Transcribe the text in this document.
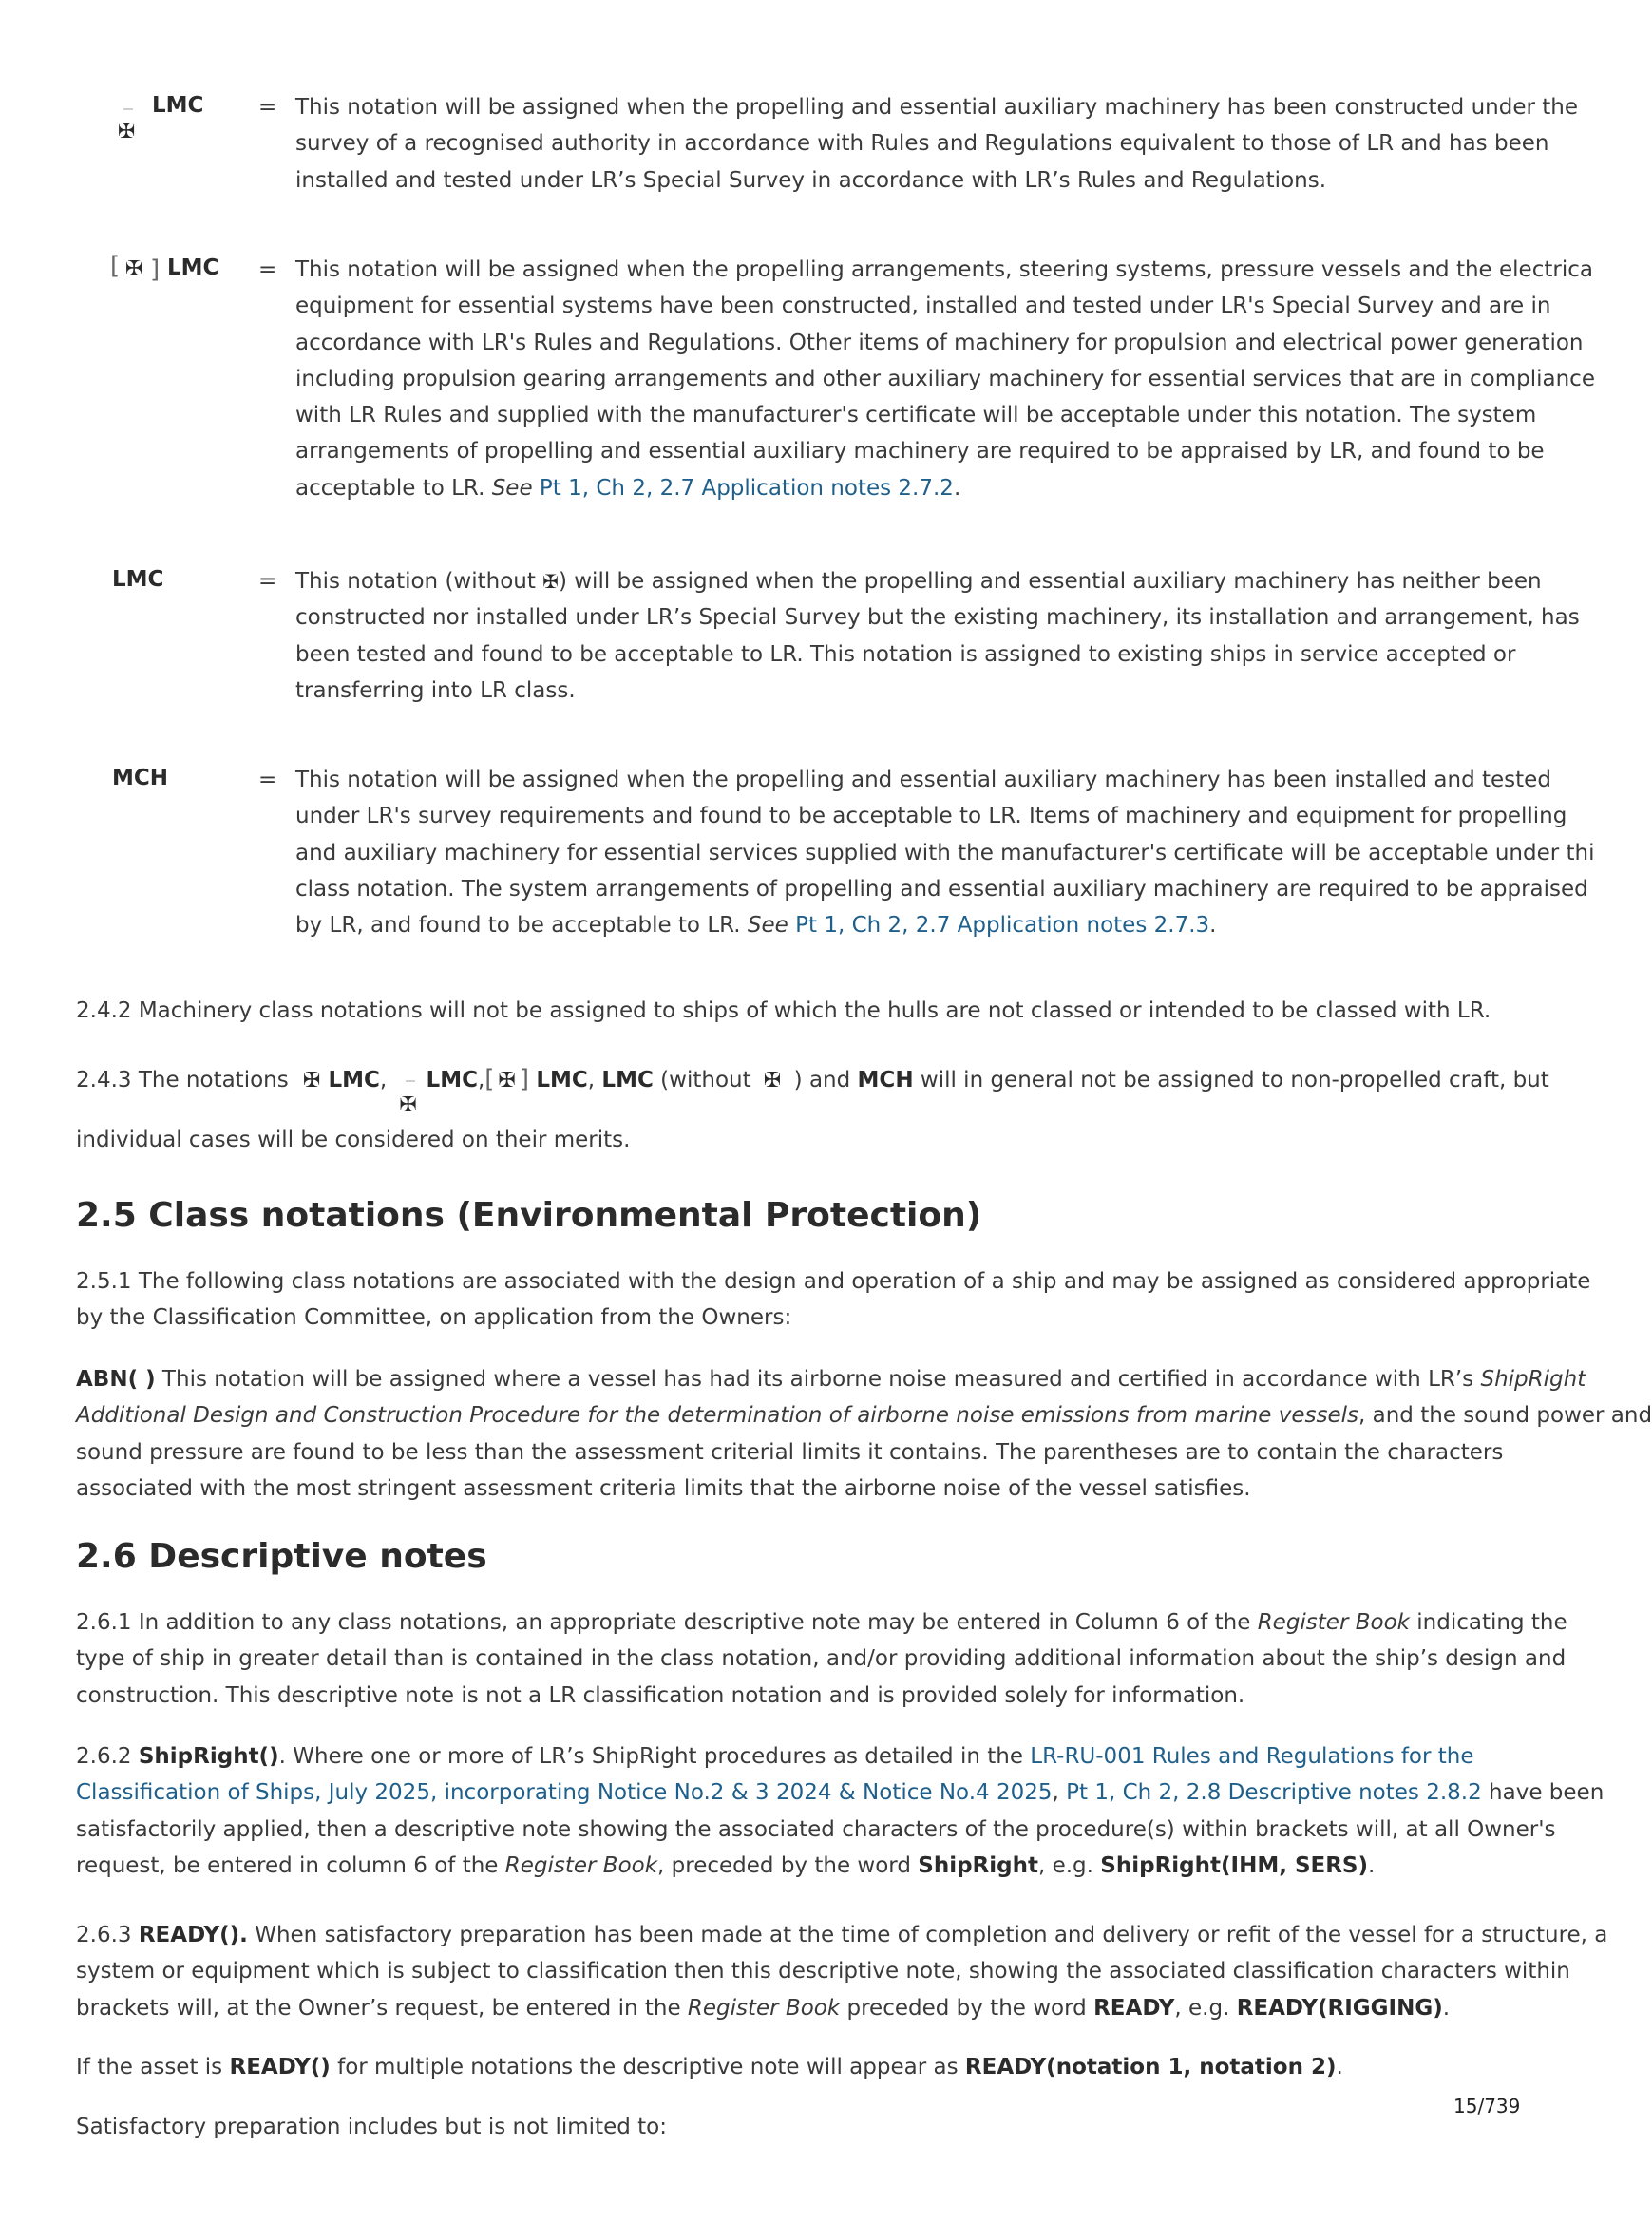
✠
LMC	= This notation will be assigned when the propelling and essential auxiliary machinery has been constructed under the

survey of a recognised authority in accordance with Rules and Regulations equivalent to those of LR and has been

installed and tested under LR’s Special Survey in accordance with LR’s Rules and Regulations.

[ ✠ ] LMC = This notation will be assigned when the propelling arrangements, steering systems, pressure vessels and the electrica

equipment for essential systems have been constructed, installed and tested under LR's Special Survey and are in

accordance with LR's Rules and Regulations. Other items of machinery for propulsion and electrical power generation

including propulsion gearing arrangements and other auxiliary machinery for essential services that are in compliance

with LR Rules and supplied with the manufacturer's certificate will be acceptable under this notation. The system

arrangements of propelling and essential auxiliary machinery are required to be appraised by LR, and found to be

acceptable to LR. See Pt 1, Ch 2, 2.7 Application notes 2.7.2.

LMC	= This notation (without ✠) will be assigned when the propelling and essential auxiliary machinery has neither been

constructed nor installed under LR’s Special Survey but the existing machinery, its installation and arrangement, has

been tested and found to be acceptable to LR. This notation is assigned to existing ships in service accepted or

transferring into LR class.

MCH	= This notation will be assigned when the propelling and essential auxiliary machinery has been installed and tested

under LR's survey requirements and found to be acceptable to LR. Items of machinery and equipment for propelling

and auxiliary machinery for essential services supplied with the manufacturer's certificate will be acceptable under thi

class notation. The system arrangements of propelling and essential auxiliary machinery are required to be appraised

by LR, and found to be acceptable to LR. See Pt 1, Ch 2, 2.7 Application notes 2.7.3.

2.4.2 Machinery class notations will not be assigned to ships of which the hulls are not classed or intended to be classed with LR.

2.4.3 The notations ✠ LMC,
✠
LMC,[ ✠ ] LMC, LMC (without ✠ ) and MCH will in general not be assigned to non-propelled craft, but

individual cases will be considered on their merits.

2.5 Class notations (Environmental Protection)

2.5.1 The following class notations are associated with the design and operation of a ship and may be assigned as considered appropriate

by the Classification Committee, on application from the Owners:

ABN( ) This notation will be assigned where a vessel has had its airborne noise measured and certified in accordance with LR’s ShipRight

Additional Design and Construction Procedure for the determination of airborne noise emissions from marine vessels, and the sound power and

sound pressure are found to be less than the assessment criterial limits it contains. The parentheses are to contain the characters

associated with the most stringent assessment criteria limits that the airborne noise of the vessel satisfies.

2.6 Descriptive notes

2.6.1 In addition to any class notations, an appropriate descriptive note may be entered in Column 6 of the Register Book indicating the

type of ship in greater detail than is contained in the class notation, and/or providing additional information about the ship’s design and

construction. This descriptive note is not a LR classification notation and is provided solely for information.

2.6.2 ShipRight(). Where one or more of LR’s ShipRight procedures as detailed in the LR-RU-001 Rules and Regulations for the

Classification of Ships, July 2025, incorporating Notice No.2 & 3 2024 & Notice No.4 2025, Pt 1, Ch 2, 2.8 Descriptive notes 2.8.2 have been

satisfactorily applied, then a descriptive note showing the associated characters of the procedure(s) within brackets will, at all Owner's

request, be entered in column 6 of the Register Book, preceded by the word ShipRight, e.g. ShipRight(IHM, SERS).

2.6.3 READY(). When satisfactory preparation has been made at the time of completion and delivery or refit of the vessel for a structure, a

system or equipment which is subject to classification then this descriptive note, showing the associated classification characters within

brackets will, at the Owner’s request, be entered in the Register Book preceded by the word READY, e.g. READY(RIGGING).

If the asset is READY() for multiple notations the descriptive note will appear as READY(notation 1, notation 2).

Satisfactory preparation includes but is not limited to:

15/739
